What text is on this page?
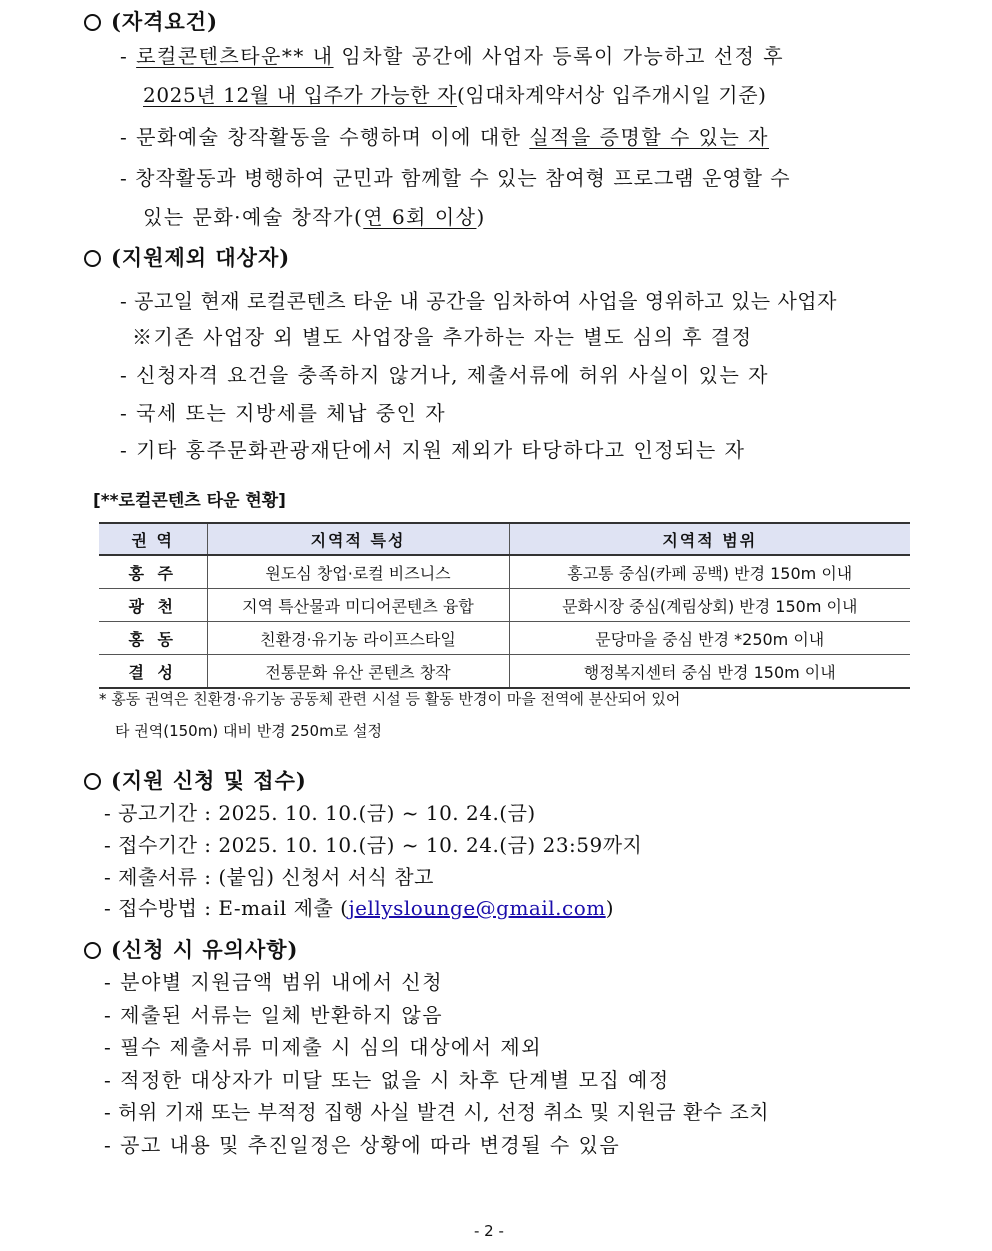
(자격요건)
- 로컬콘텐츠타운** 내 임차할 공간에 사업자 등록이 가능하고 선정 후
2025년 12월 내 입주가 가능한 자(임대차계약서상 입주개시일 기준)
- 문화예술 창작활동을 수행하며 이에 대한 실적을 증명할 수 있는 자
- 창작활동과 병행하여 군민과 함께할 수 있는 참여형 프로그램 운영할 수
있는 문화·예술 창작가(연 6회 이상)
(지원제외 대상자)
- 공고일 현재 로컬콘텐츠 타운 내 공간을 임차하여 사업을 영위하고 있는 사업자
※기존 사업장 외 별도 사업장을 추가하는 자는 별도 심의 후 결정
- 신청자격 요건을 충족하지 않거나, 제출서류에 허위 사실이 있는 자
- 국세 또는 지방세를 체납 중인 자
- 기타 홍주문화관광재단에서 지원 제외가 타당하다고 인정되는 자
[**로컬콘텐츠 타운 현황]
권 역	지역적 특성	지역적 범위
홍 주	원도심 창업·로컬 비즈니스	홍고통 중심(카페 공백) 반경 150m 이내
광 천	지역 특산물과 미디어콘텐츠 융합	문화시장 중심(계림상회) 반경 150m 이내
홍 동	친환경·유기농 라이프스타일	문당마을 중심 반경 *250m 이내
결 성	전통문화 유산 콘텐츠 창작	행정복지센터 중심 반경 150m 이내
* 홍동 권역은 친환경·유기농 공동체 관련 시설 등 활동 반경이 마을 전역에 분산되어 있어
타 권역(150m) 대비 반경 250m로 설정
(지원 신청 및 접수)
- 공고기간 : 2025. 10. 10.(금) ~ 10. 24.(금)
- 접수기간 : 2025. 10. 10.(금) ~ 10. 24.(금) 23:59까지
- 제출서류 : (붙임) 신청서 서식 참고
- 접수방법 : E-mail 제출 (jellyslounge@gmail.com)
(신청 시 유의사항)
- 분야별 지원금액 범위 내에서 신청
- 제출된 서류는 일체 반환하지 않음
- 필수 제출서류 미제출 시 심의 대상에서 제외
- 적정한 대상자가 미달 또는 없을 시 차후 단계별 모집 예정
- 허위 기재 또는 부적정 집행 사실 발견 시, 선정 취소 및 지원금 환수 조치
- 공고 내용 및 추진일정은 상황에 따라 변경될 수 있음
- 2 -
